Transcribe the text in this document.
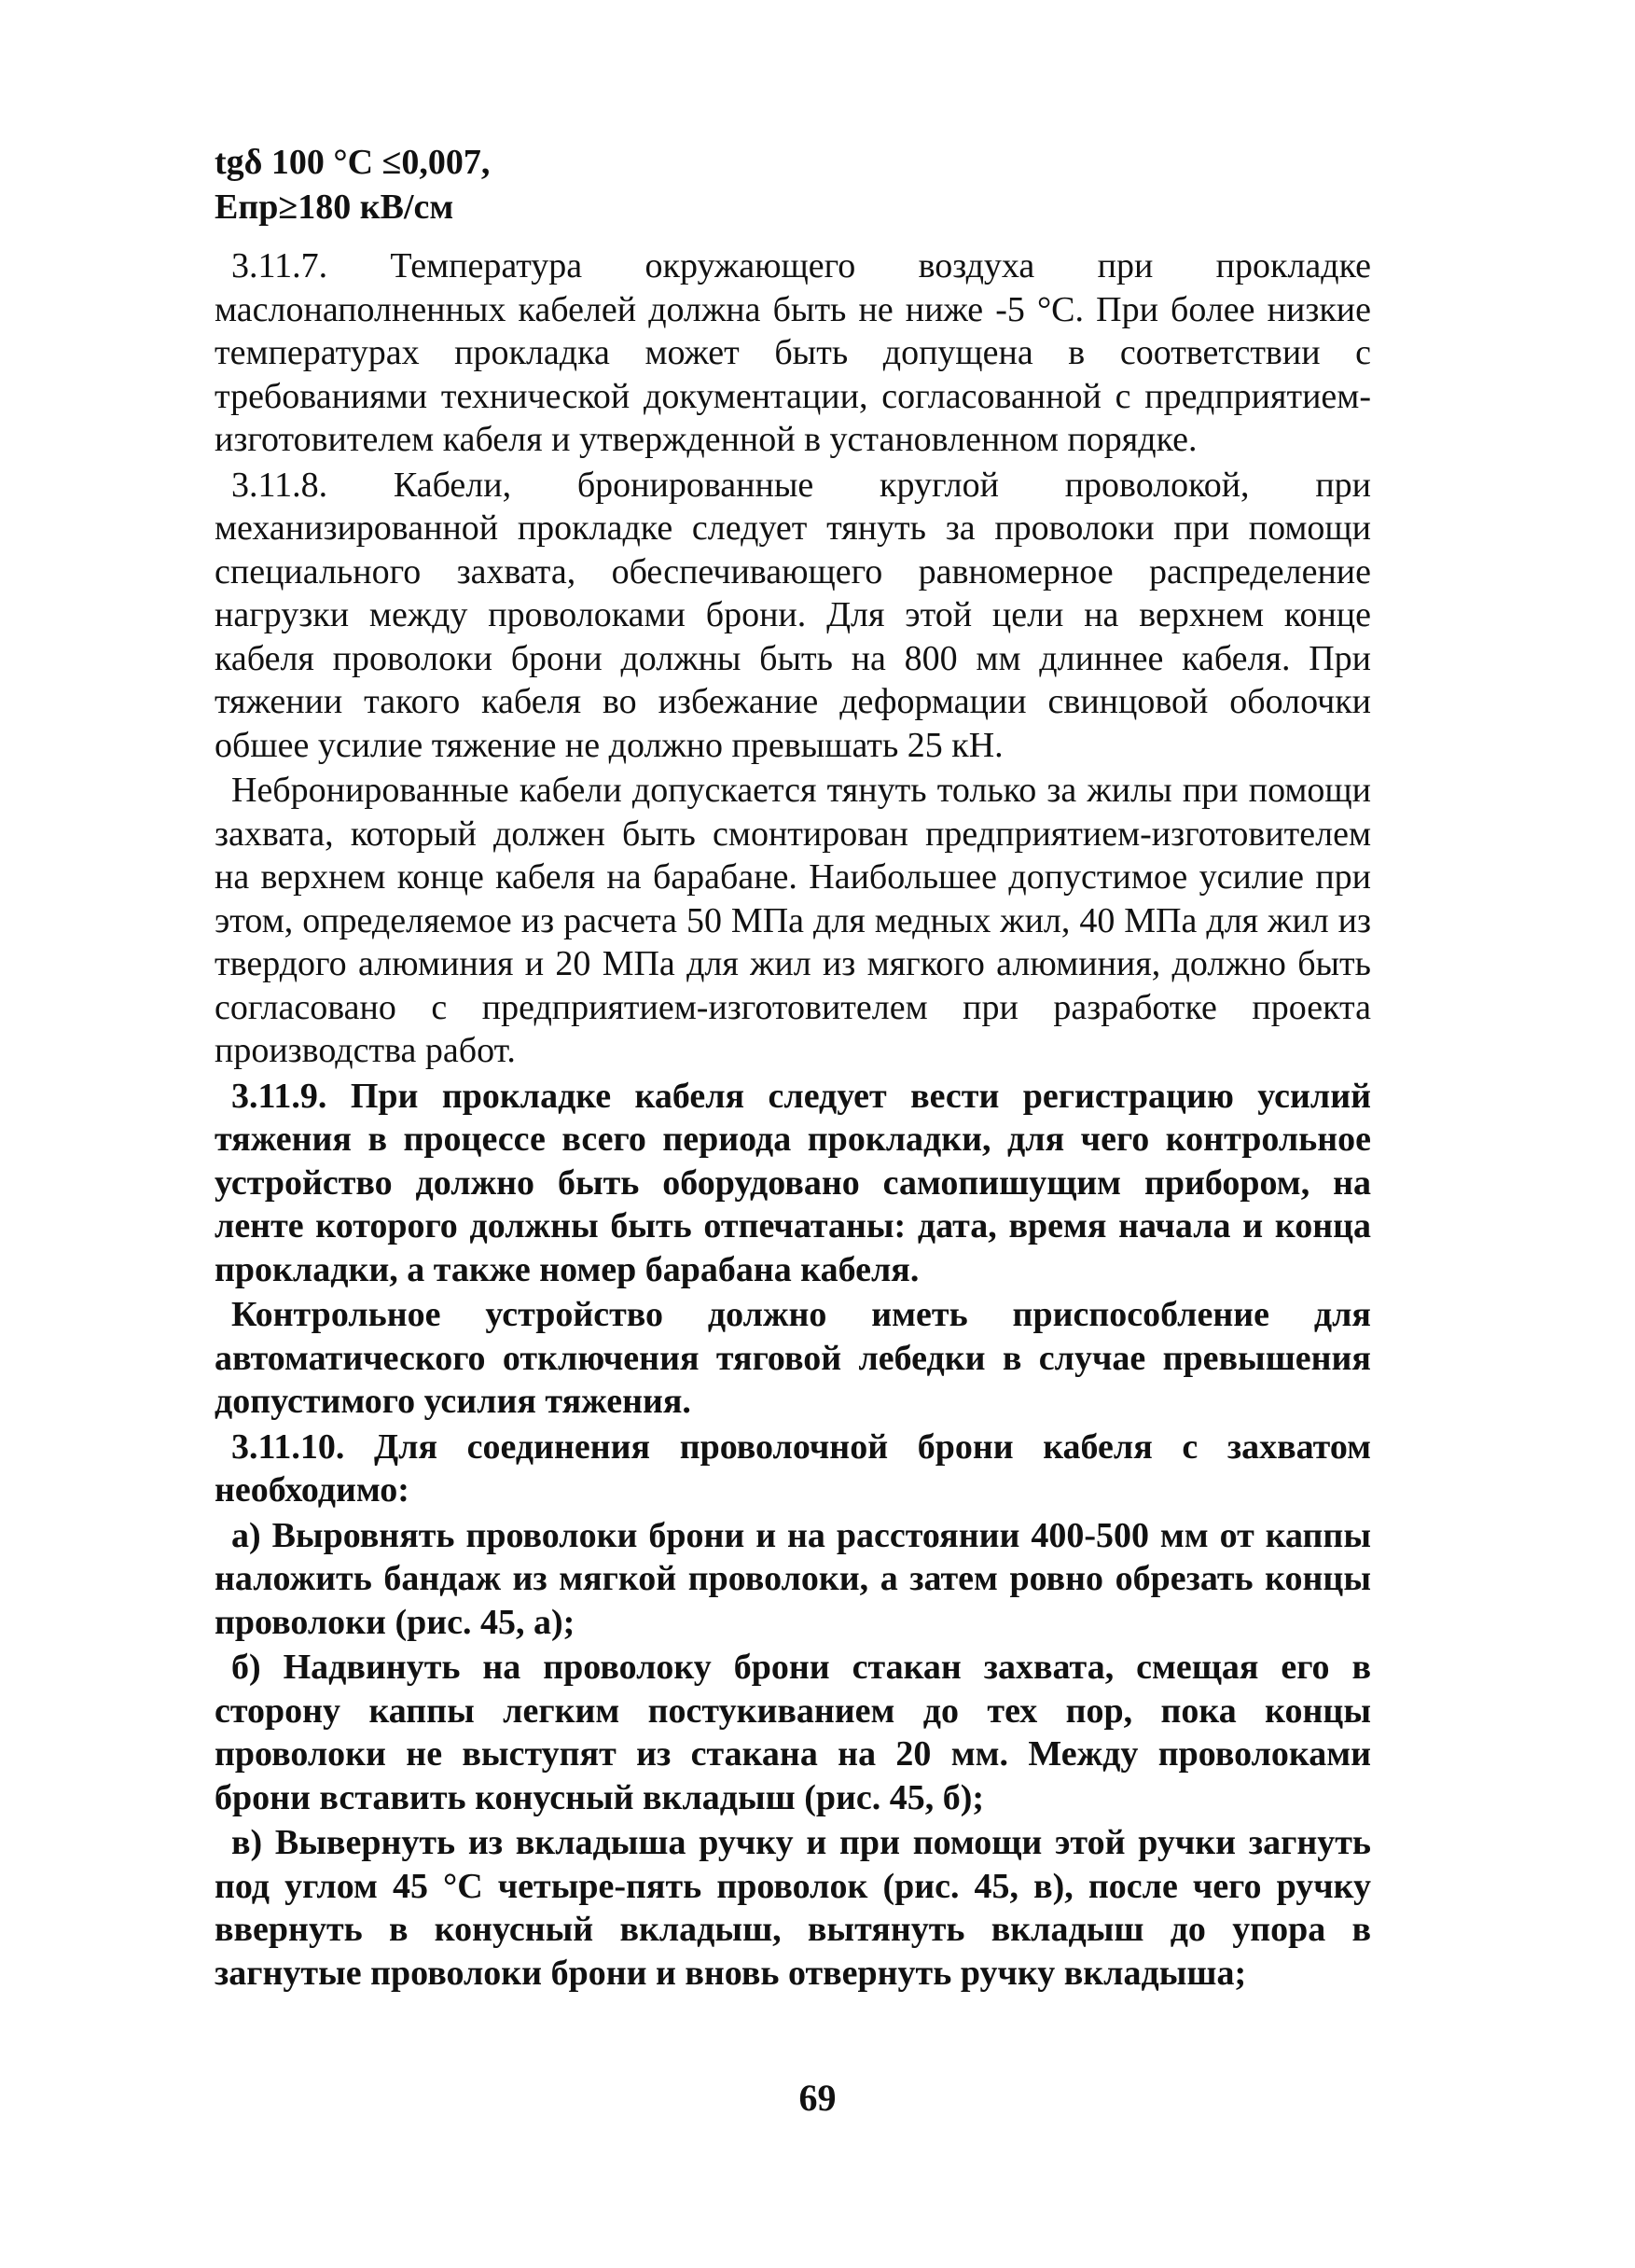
tgδ 100 °С ≤0,007,
Eпр≥180 кВ/см

3.11.7. Температура окружающего воздуха при прокладке маслонаполненных кабелей должна быть не ниже -5 °С. При более низкие температурах прокладка может быть допущена в соответствии с требованиями технической документации, согласованной с предприятием-изготовителем кабеля и утвержденной в установленном порядке.

3.11.8. Кабели, бронированные круглой проволокой, при механизированной прокладке следует тянуть за проволоки при помощи специального захвата, обеспечивающего равномерное распределение нагрузки между проволоками брони. Для этой цели на верхнем конце кабеля проволоки брони должны быть на 800 мм длиннее кабеля. При тяжении такого кабеля во избежание деформации свинцовой оболочки обшее усилие тяжение не должно превышать 25 кН.

Небронированные кабели допускается тянуть только за жилы при помощи захвата, который должен быть смонтирован предприятием-изготовителем на верхнем конце кабеля на барабане. Наибольшее допустимое усилие при этом, определяемое из расчета 50 МПа для медных жил, 40 МПа для жил из твердого алюминия и 20 МПа для жил из мягкого алюминия, должно быть согласовано с предприятием-изготовителем при разработке проекта производства работ.

3.11.9. При прокладке кабеля следует вести регистрацию усилий тяжения в процессе всего периода прокладки, для чего контрольное устройство должно быть оборудовано самопишущим прибором, на ленте которого должны быть отпечатаны: дата, время начала и конца прокладки, а также номер барабана кабеля.

Контрольное устройство должно иметь приспособление для автоматического отключения тяговой лебедки в случае превышения допустимого усилия тяжения.

3.11.10. Для соединения проволочной брони кабеля с захватом необходимо:

а) Выровнять проволоки брони и на расстоянии 400-500 мм от каппы наложить бандаж из мягкой проволоки, а затем ровно обрезать концы проволоки (рис. 45, а);

б) Надвинуть на проволоку брони стакан захвата, смещая его в сторону каппы легким постукиванием до тех пор, пока концы проволоки не выступят из стакана на 20 мм. Между проволоками брони вставить конусный вкладыш (рис. 45, б);

в) Вывернуть из вкладыша ручку и при помощи этой ручки загнуть под углом 45 °С четыре-пять проволок (рис. 45, в), после чего ручку ввернуть в конусный вкладыш, вытянуть вкладыш до упора в загнутые проволоки брони и вновь отвернуть ручку вкладыша;

69
